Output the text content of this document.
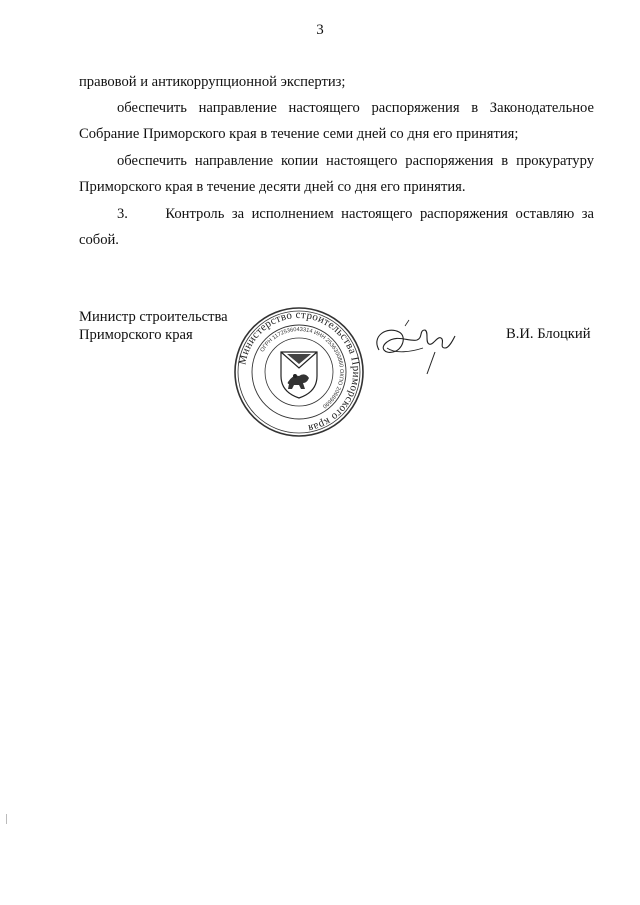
3
правовой и антикоррупционной экспертиз;
обеспечить направление настоящего распоряжения в Законодательное
Собрание Приморского края в течение семи дней со дня его принятия;
обеспечить направление копии настоящего распоряжения в прокуратуру
Приморского края в течение десяти дней со дня его принятия.
3.     Контроль за исполнением настоящего распоряжения оставляю за
собой.
Министр строительства
Приморского края
Министерство строительства Приморского края
ОГРН 1172536043314 ИНН 2536300860 ОКПО 20689690
В.И. Блоцкий
